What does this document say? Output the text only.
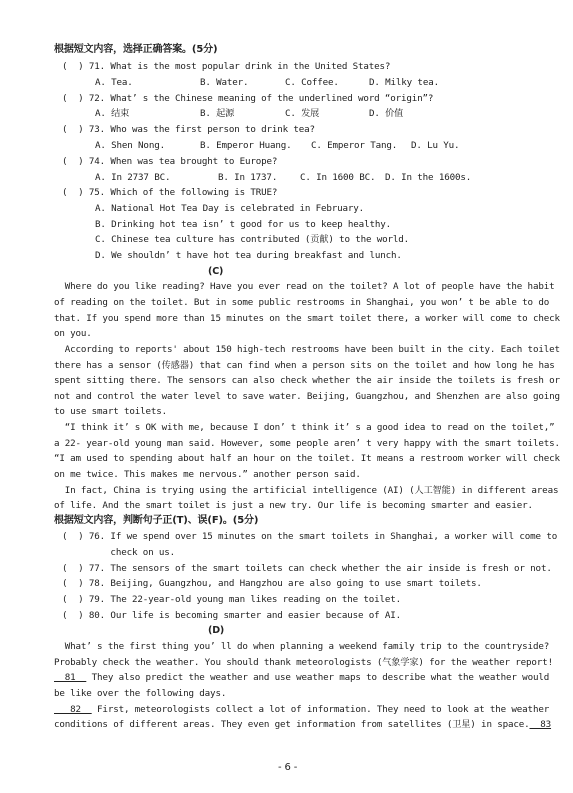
根据短文内容，选择正确答案。(5分)
(  ) 71. What is the most popular drink in the United States?
A. Tea.	B. Water.	C. Coffee.	D. Milky tea.
(  ) 72. What’ s the Chinese meaning of the underlined word “origin”?
A. 结束	B. 起源	C. 发展	D. 价值
(  ) 73. Who was the first person to drink tea?
A. Shen Nong.	B. Emperor Huang. C. Emperor Tang. D. Lu Yu.
(  ) 74. When was tea brought to Europe?
A. In 2737 BC.	B. In 1737. C. In 1600 BC. D. In the 1600s.
(  ) 75. Which of the following is TRUE?
A. National Hot Tea Day is celebrated in February.
B. Drinking hot tea isn’ t good for us to keep healthy.
C. Chinese tea culture has contributed (贡献) to the world.
D. We shouldn’ t have hot tea during breakfast and lunch.
(C)
Where do you like reading? Have you ever read on the toilet? A lot of people have the habit
of reading on the toilet. But in some public restrooms in Shanghai, you won’ t be able to do
that. If you spend more than 15 minutes on the smart toilet there, a worker will come to check
on you.
According to reports' about 150 high-tech restrooms have been built in the city. Each toilet
there has a sensor (传感器) that can find when a person sits on the toilet and how long he has
spent sitting there. The sensors can also check whether the air inside the toilets is fresh or
not and control the water level to save water. Beijing, Guangzhou, and Shenzhen are also going
to use smart toilets.
“I think it’ s OK with me, because I don’ t think it’ s a good idea to read on the toilet,”
a 22- year-old young man said. However, some people aren’ t very happy with the smart toilets.
“I am used to spending about half an hour on the toilet. It means a restroom worker will check
on me twice. This makes me nervous.” another person said.
In fact, China is trying using the artificial intelligence (AI) (人工智能) in different areas
of life. And the smart toilet is just a new try. Our life is becoming smarter and easier.
根据短文内容，判断句子正(T)、误(F)。(5分)
(  ) 76. If we spend over 15 minutes on the smart toilets in Shanghai, a worker will come to
check on us.
(  ) 77. The sensors of the smart toilets can check whether the air inside is fresh or not.
(  ) 78. Beijing, Guangzhou, and Hangzhou are also going to use smart toilets.
(  ) 79. The 22-year-old young man likes reading on the toilet.
(  ) 80. Our life is becoming smarter and easier because of AI.
(D)
What’ s the first thing you’ ll do when planning a weekend family trip to the countryside?
Probably check the weather. You should thank meteorologists (气象学家) for the weather report!
81   They also predict the weather and use weather maps to describe what the weather would
be like over the following days.
82   First, meteorologists collect a lot of information. They need to look at the weather
conditions of different areas. They even get information from satellites (卫星) in space.  83
- 6 -
